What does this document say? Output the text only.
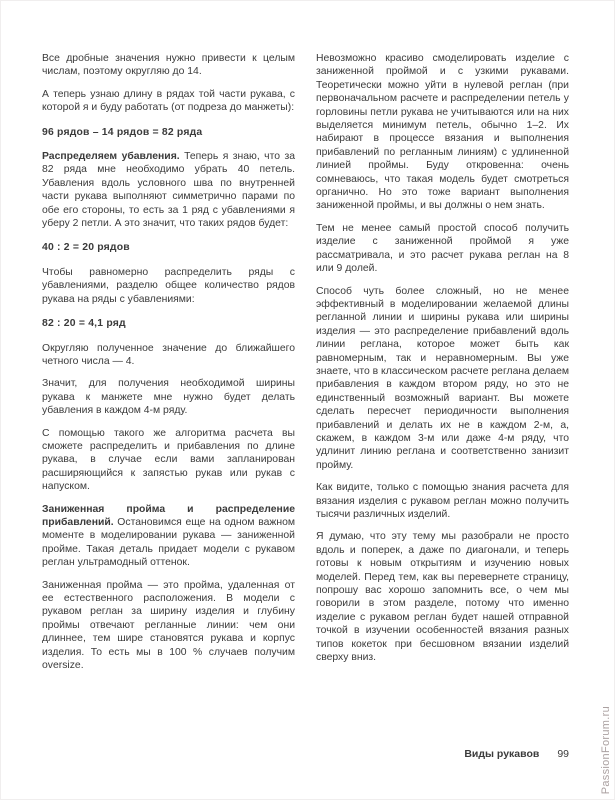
Все дробные значения нужно привести к целым числам, поэтому округляю до 14.

А теперь узнаю длину в рядах той части рукава, с которой я и буду работать (от подреза до манжеты):

96 рядов – 14 рядов = 82 ряда

Распределяем убавления. Теперь я знаю, что за 82 ряда мне необходимо убрать 40 петель. Убавления вдоль условного шва по внутренней части рукава выполняют симметрично парами по обе его стороны, то есть за 1 ряд с убавлениями я уберу 2 петли. А это значит, что таких рядов будет:

40 : 2 = 20 рядов

Чтобы равномерно распределить ряды с убавлениями, разделю общее количество рядов рукава на ряды с убавлениями:

82 : 20 = 4,1 ряд

Округляю полученное значение до ближайшего четного числа — 4.

Значит, для получения необходимой ширины рукава к манжете мне нужно будет делать убавления в каждом 4-м ряду.

С помощью такого же алгоритма расчета вы сможете распределить и прибавления по длине рукава, в случае если вами запланирован расширяющийся к запястью рукав или рукав с напуском.

Заниженная пройма и распределение прибавлений. Остановимся еще на одном важном моменте в моделировании рукава — заниженной пройме. Такая деталь придает модели с рукавом реглан ультрамодный оттенок.

Заниженная пройма — это пройма, удаленная от ее естественного расположения. В модели с рукавом реглан за ширину изделия и глубину проймы отвечают регланные линии: чем они длиннее, тем шире становятся рукава и корпус изделия. То есть мы в 100 % случаев получим oversize.

Невозможно красиво смоделировать изделие с заниженной проймой и с узкими рукавами. Теоретически можно уйти в нулевой реглан (при первоначальном расчете и распределении петель у горловины петли рукава не учитываются или на них выделяется минимум петель, обычно 1–2. Их набирают в процессе вязания и выполнения прибавлений по регланным линиям) с удлиненной линией проймы. Буду откровенна: очень сомневаюсь, что такая модель будет смотреться органично. Но это тоже вариант выполнения заниженной проймы, и вы должны о нем знать.

Тем не менее самый простой способ получить изделие с заниженной проймой я уже рассматривала, и это расчет рукава реглан на 8 или 9 долей.

Способ чуть более сложный, но не менее эффективный в моделировании желаемой длины регланной линии и ширины рукава или ширины изделия — это распределение прибавлений вдоль линии реглана, которое может быть как равномерным, так и неравномерным. Вы уже знаете, что в классическом расчете реглана делаем прибавления в каждом втором ряду, но это не единственный возможный вариант. Вы можете сделать пересчет периодичности выполнения прибавлений и делать их не в каждом 2-м, а, скажем, в каждом 3-м или даже 4-м ряду, что удлинит линию реглана и соответственно занизит пройму.

Как видите, только с помощью знания расчета для вязания изделия с рукавом реглан можно получить тысячи различных изделий.

Я думаю, что эту тему мы разобрали не просто вдоль и поперек, а даже по диагонали, и теперь готовы к новым открытиям и изучению новых моделей. Перед тем, как вы перевернете страницу, попрошу вас хорошо запомнить все, о чем мы говорили в этом разделе, потому что именно изделие с рукавом реглан будет нашей отправной точкой в изучении особенностей вязания разных типов кокеток при бесшовном вязании изделий сверху вниз.

Виды рукавов 99	PassionForum.ru
